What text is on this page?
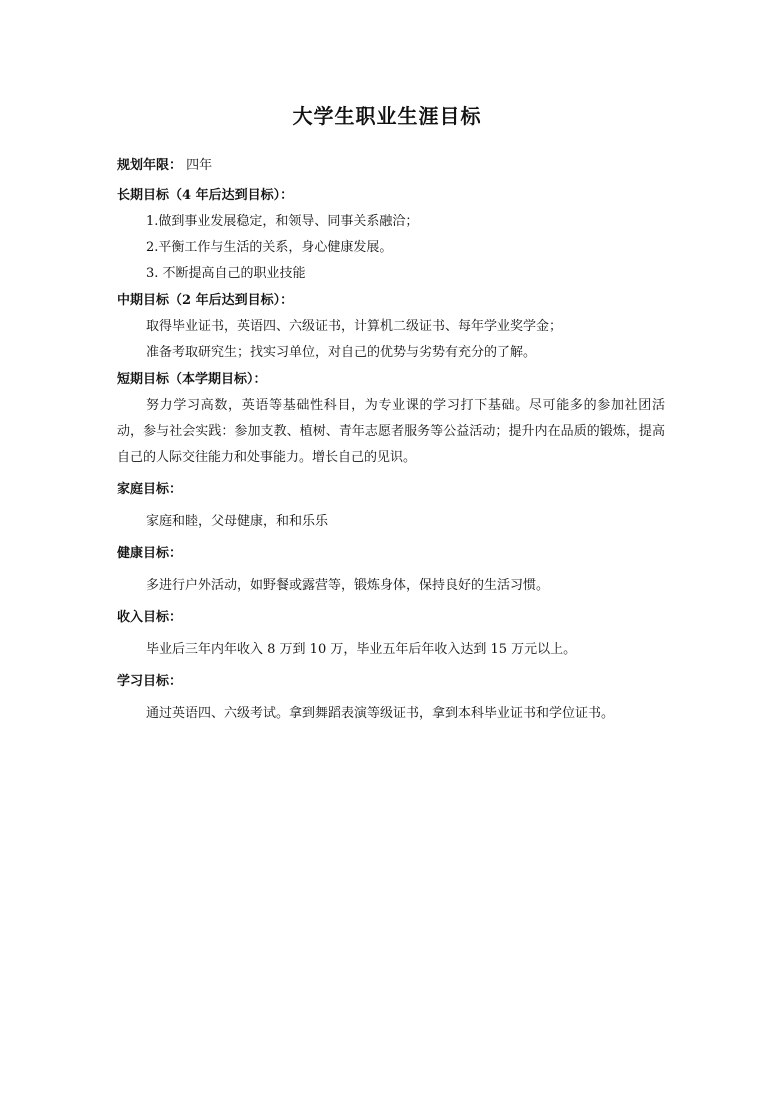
大学生职业生涯目标
规划年限： 四年
长期目标（4 年后达到目标）：
1.做到事业发展稳定，和领导、同事关系融洽；
2.平衡工作与生活的关系，身心健康发展。
3. 不断提高自己的职业技能
中期目标（2 年后达到目标）：
取得毕业证书，英语四、六级证书，计算机二级证书、每年学业奖学金；
准备考取研究生；找实习单位，对自己的优势与劣势有充分的了解。
短期目标（本学期目标）：
努力学习高数，英语等基础性科目，为专业课的学习打下基础。尽可能多的参加社团活动，参与社会实践：参加支教、植树、青年志愿者服务等公益活动；提升内在品质的锻炼，提高自己的人际交往能力和处事能力。增长自己的见识。
家庭目标：
家庭和睦，父母健康，和和乐乐
健康目标：
多进行户外活动，如野餐或露营等，锻炼身体，保持良好的生活习惯。
收入目标：
毕业后三年内年收入 8 万到 10 万，毕业五年后年收入达到 15 万元以上。
学习目标：
通过英语四、六级考试。拿到舞蹈表演等级证书，拿到本科毕业证书和学位证书。
